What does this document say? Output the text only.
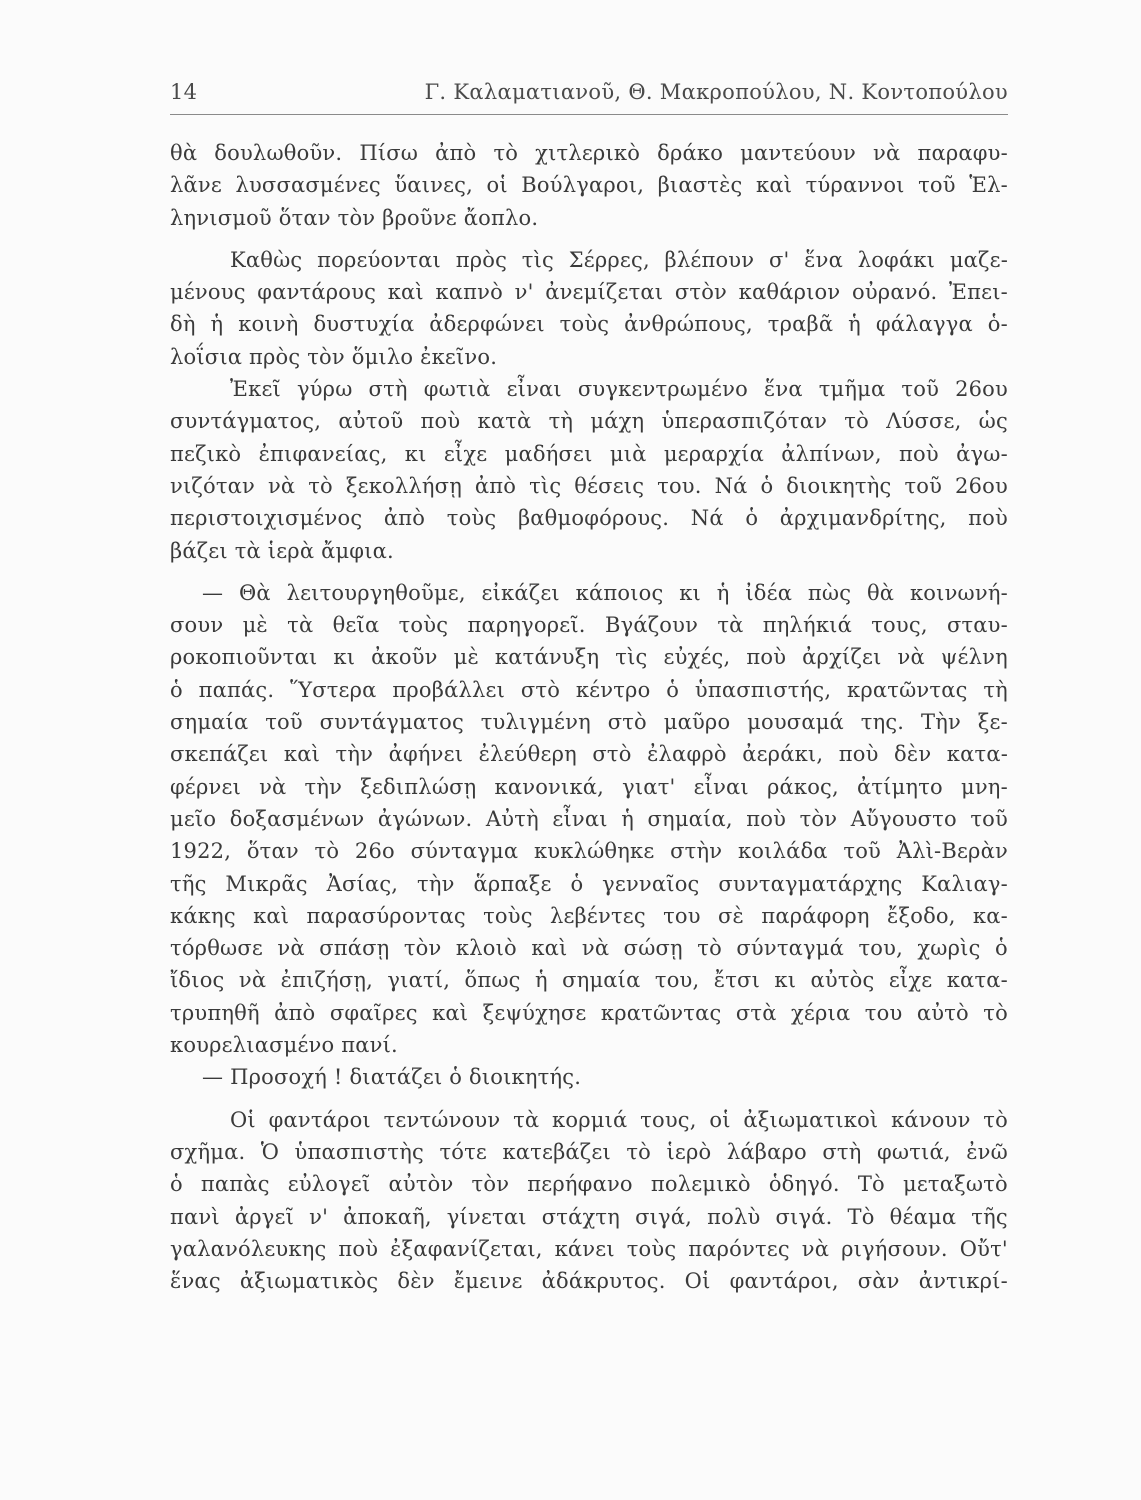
14	Γ. Καλαματιανοῦ, Θ. Μακροπούλου, Ν. Κοντοπούλου
θὰ δουλωθοῦν. Πίσω ἀπὸ τὸ χιτλερικὸ δράκο μαντεύουν νὰ παραφυ-
λᾶνε λυσσασμένες ὕαινες, οἱ Βούλγαροι, βιαστὲς καὶ τύραννοι τοῦ Ἑλ-
ληνισμοῦ ὅταν τὸν βροῦνε ἄοπλο.
Καθὼς πορεύονται πρὸς τὶς Σέρρες, βλέπουν σ' ἕνα λοφάκι μαζε-
μένους φαντάρους καὶ καπνὸ ν' ἀνεμίζεται στὸν καθάριον οὐρανό. Ἐπει-
δὴ ἡ κοινὴ δυστυχία ἀδερφώνει τοὺς ἀνθρώπους, τραβᾶ ἡ φάλαγγα ὁ-
λοΐσια πρὸς τὸν ὅμιλο ἐκεῖνο.
Ἐκεῖ γύρω στὴ φωτιὰ εἶναι συγκεντρωμένο ἕνα τμῆμα τοῦ 26ου
συντάγματος, αὐτοῦ ποὺ κατὰ τὴ μάχη ὑπερασπιζόταν τὸ Λύσσε, ὡς
πεζικὸ ἐπιφανείας, κι εἶχε μαδήσει μιὰ μεραρχία ἀλπίνων, ποὺ ἀγω-
νιζόταν νὰ τὸ ξεκολλήσῃ ἀπὸ τὶς θέσεις του. Νά ὁ διοικητὴς τοῦ 26ου
περιστοιχισμένος ἀπὸ τοὺς βαθμοφόρους. Νά ὁ ἀρχιμανδρίτης, ποὺ
βάζει τὰ ἱερὰ ἄμφια.
— Θὰ λειτουργηθοῦμε, εἰκάζει κάποιος κι ἡ ἰδέα πὼς θὰ κοινωνή-
σουν μὲ τὰ θεῖα τοὺς παρηγορεῖ. Βγάζουν τὰ πηλήκιά τους, σταυ-
ροκοπιοῦνται κι ἀκοῦν μὲ κατάνυξη τὶς εὐχές, ποὺ ἀρχίζει νὰ ψέλνη
ὁ παπάς. Ὕστερα προβάλλει στὸ κέντρο ὁ ὑπασπιστής, κρατῶντας τὴ
σημαία τοῦ συντάγματος τυλιγμένη στὸ μαῦρο μουσαμά της. Τὴν ξε-
σκεπάζει καὶ τὴν ἀφήνει ἐλεύθερη στὸ ἐλαφρὸ ἀεράκι, ποὺ δὲν κατα-
φέρνει νὰ τὴν ξεδιπλώσῃ κανονικά, γιατ' εἶναι ράκος, ἀτίμητο μνη-
μεῖο δοξασμένων ἀγώνων. Αὐτὴ εἶναι ἡ σημαία, ποὺ τὸν Αὔγουστο τοῦ
1922, ὅταν τὸ 26ο σύνταγμα κυκλώθηκε στὴν κοιλάδα τοῦ Ἀλὶ-Βερὰν
τῆς Μικρᾶς Ἀσίας, τὴν ἅρπαξε ὁ γενναῖος συνταγματάρχης Καλιαγ-
κάκης καὶ παρασύροντας τοὺς λεβέντες του σὲ παράφορη ἔξοδο, κα-
τόρθωσε νὰ σπάσῃ τὸν κλοιὸ καὶ νὰ σώσῃ τὸ σύνταγμά του, χωρὶς ὁ
ἴδιος νὰ ἐπιζήσῃ, γιατί, ὅπως ἡ σημαία του, ἔτσι κι αὐτὸς εἶχε κατα-
τρυπηθῆ ἀπὸ σφαῖρες καὶ ξεψύχησε κρατῶντας στὰ χέρια του αὐτὸ τὸ
κουρελιασμένο πανί.
— Προσοχή ! διατάζει ὁ διοικητής.
Οἱ φαντάροι τεντώνουν τὰ κορμιά τους, οἱ ἀξιωματικοὶ κάνουν τὸ
σχῆμα. Ὁ ὑπασπιστὴς τότε κατεβάζει τὸ ἱερὸ λάβαρο στὴ φωτιά, ἐνῶ
ὁ παπὰς εὐλογεῖ αὐτὸν τὸν περήφανο πολεμικὸ ὁδηγό. Τὸ μεταξωτὸ
πανὶ ἀργεῖ ν' ἀποκαῆ, γίνεται στάχτη σιγά, πολὺ σιγά. Τὸ θέαμα τῆς
γαλανόλευκης ποὺ ἐξαφανίζεται, κάνει τοὺς παρόντες νὰ ριγήσουν. Οὔτ'
ἕνας ἀξιωματικὸς δὲν ἔμεινε ἀδάκρυτος. Οἱ φαντάροι, σὰν ἀντικρί-
